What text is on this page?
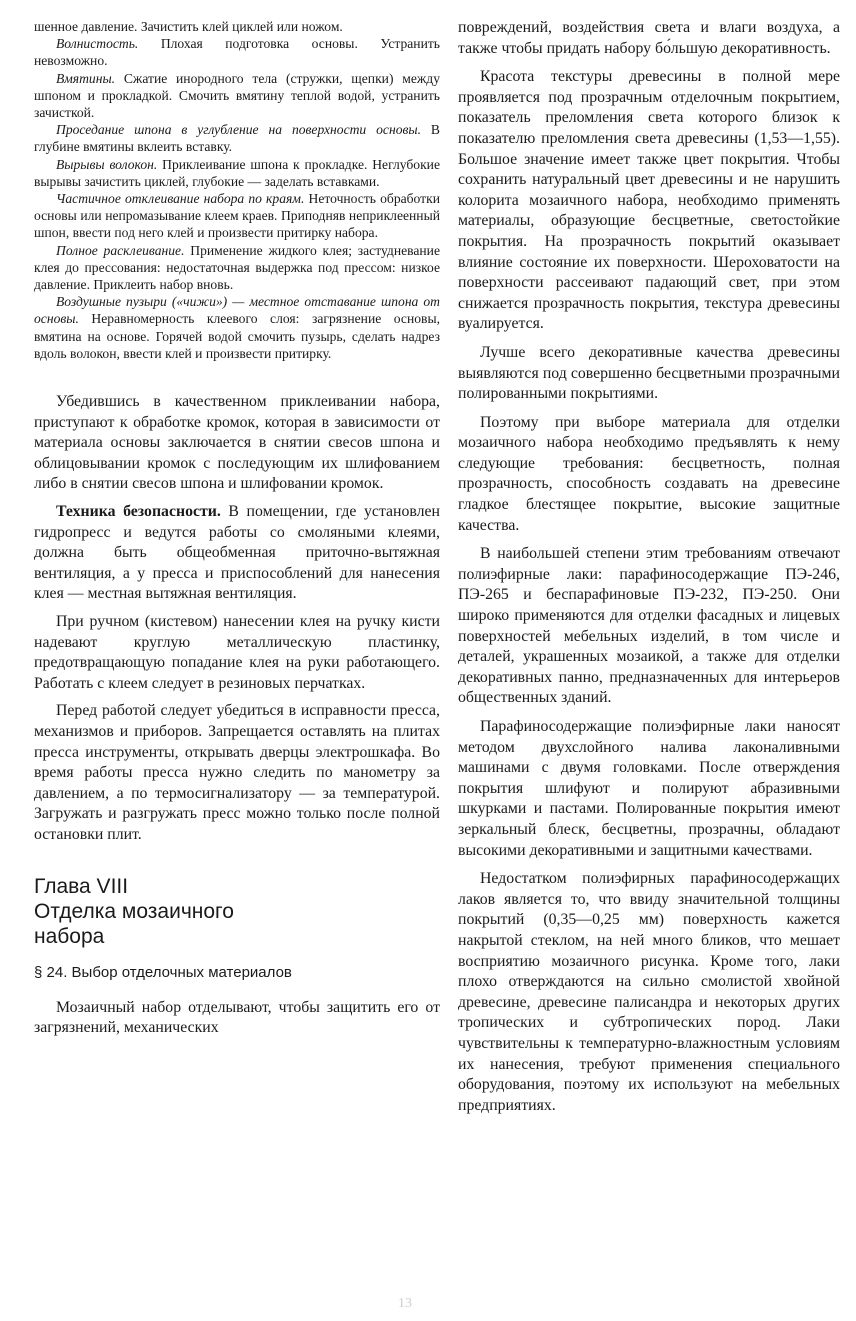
шенное давление. Зачистить клей циклей или ножом.

Волнистость. Плохая подготовка основы. Устранить невозможно.

Вмятины. Сжатие инородного тела (стружки, щепки) между шпоном и прокладкой. Смочить вмятину теплой водой, устранить зачисткой.

Проседание шпона в углубление на поверхности основы. В глубине вмятины вклеить вставку.

Вырывы волокон. Приклеивание шпона к прокладке. Неглубокие вырывы зачистить циклей, глубокие — заделать вставками.

Частичное отклеивание набора по краям. Неточность обработки основы или непромазывание клеем краев. Приподняв неприклеенный шпон, ввести под него клей и произвести притирку набора.

Полное расклеивание. Применение жидкого клея; застудневание клея до прессования: недостаточная выдержка под прессом: низкое давление. Приклеить набор вновь.

Воздушные пузыри («чижи») — местное отставание шпона от основы. Неравномерность клеевого слоя: загрязнение основы, вмятина на основе. Горячей водой смочить пузырь, сделать надрез вдоль волокон, ввести клей и произвести притирку.

Убедившись в качественном приклеивании набора, приступают к обработке кромок, которая в зависимости от материала основы заключается в снятии свесов шпона и облицовывании кромок с последующим их шлифованием либо в снятии свесов шпона и шлифовании кромок.

Техника безопасности. В помещении, где установлен гидропресс и ведутся работы со смоляными клеями, должна быть общеобменная приточно-вытяжная вентиляция, а у пресса и приспособлений для нанесения клея — местная вытяжная вентиляция.

При ручном (кистевом) нанесении клея на ручку кисти надевают круглую металлическую пластинку, предотвращающую попадание клея на руки работающего. Работать с клеем следует в резиновых перчатках.

Перед работой следует убедиться в исправности пресса, механизмов и приборов. Запрещается оставлять на плитах пресса инструменты, открывать дверцы электрошкафа. Во время работы пресса нужно следить по манометру за давлением, а по термосигнализатору — за температурой. Загружать и разгружать пресс можно только после полной остановки плит.

Глава VIII
Отделка мозаичного
набора
§ 24. Выбор отделочных материалов

Мозаичный набор отделывают, чтобы защитить его от загрязнений, механических

повреждений, воздействия света и влаги воздуха, а также чтобы придать набору бо́льшую декоративность.

Красота текстуры древесины в полной мере проявляется под прозрачным отделочным покрытием, показатель преломления света которого близок к показателю преломления света древесины (1,53—1,55). Большое значение имеет также цвет покрытия. Чтобы сохранить натуральный цвет древесины и не нарушить колорита мозаичного набора, необходимо применять материалы, образующие бесцветные, светостойкие покрытия. На прозрачность покрытий оказывает влияние состояние их поверхности. Шероховатости на поверхности рассеивают падающий свет, при этом снижается прозрачность покрытия, текстура древесины вуалируется.

Лучше всего декоративные качества древесины выявляются под совершенно бесцветными прозрачными полированными покрытиями.

Поэтому при выборе материала для отделки мозаичного набора необходимо предъявлять к нему следующие требования: бесцветность, полная прозрачность, способность создавать на древесине гладкое блестящее покрытие, высокие защитные качества.

В наибольшей степени этим требованиям отвечают полиэфирные лаки: парафиносодержащие ПЭ-246, ПЭ-265 и беспарафиновые ПЭ-232, ПЭ-250. Они широко применяются для отделки фасадных и лицевых поверхностей мебельных изделий, в том числе и деталей, украшенных мозаикой, а также для отделки декоративных панно, предназначенных для интерьеров общественных зданий.

Парафиносодержащие полиэфирные лаки наносят методом двухслойного налива лаконаливными машинами с двумя головками. После отверждения покрытия шлифуют и полируют абразивными шкурками и пастами. Полированные покрытия имеют зеркальный блеск, бесцветны, прозрачны, обладают высокими декоративными и защитными качествами.

Недостатком полиэфирных парафиносодержащих лаков является то, что ввиду значительной толщины покрытий (0,35—0,25 мм) поверхность кажется накрытой стеклом, на ней много бликов, что мешает восприятию мозаичного рисунка. Кроме того, лаки плохо отверждаются на сильно смолистой хвойной древесине, древесине палисандра и некоторых других тропических и субтропических пород. Лаки чувствительны к температурно-влажностным условиям их нанесения, требуют применения специального оборудования, поэтому их используют на мебельных предприятиях.

13
